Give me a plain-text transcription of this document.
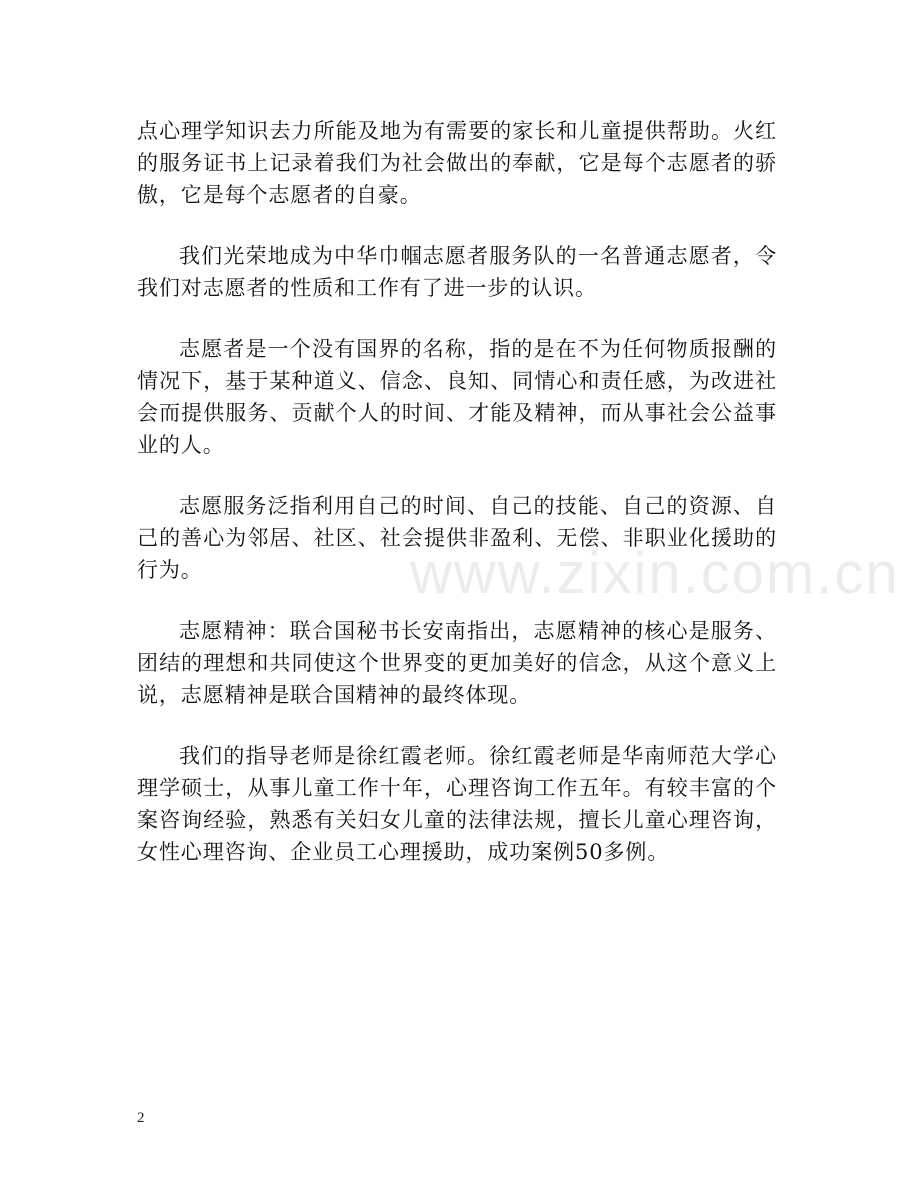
点心理学知识去力所能及地为有需要的家长和儿童提供帮助。火红的服务证书上记录着我们为社会做出的奉献，它是每个志愿者的骄傲，它是每个志愿者的自豪。

我们光荣地成为中华巾帼志愿者服务队的一名普通志愿者，令我们对志愿者的性质和工作有了进一步的认识。

志愿者是一个没有国界的名称，指的是在不为任何物质报酬的情况下，基于某种道义、信念、良知、同情心和责任感，为改进社会而提供服务、贡献个人的时间、才能及精神，而从事社会公益事业的人。

志愿服务泛指利用自己的时间、自己的技能、自己的资源、自己的善心为邻居、社区、社会提供非盈利、无偿、非职业化援助的行为。

志愿精神：联合国秘书长安南指出，志愿精神的核心是服务、团结的理想和共同使这个世界变的更加美好的信念，从这个意义上说，志愿精神是联合国精神的最终体现。

我们的指导老师是徐红霞老师。徐红霞老师是华南师范大学心理学硕士，从事儿童工作十年，心理咨询工作五年。有较丰富的个案咨询经验，熟悉有关妇女儿童的法律法规，擅长儿童心理咨询，女性心理咨询、企业员工心理援助，成功案例50多例。

www.zixin.com.cn
2
